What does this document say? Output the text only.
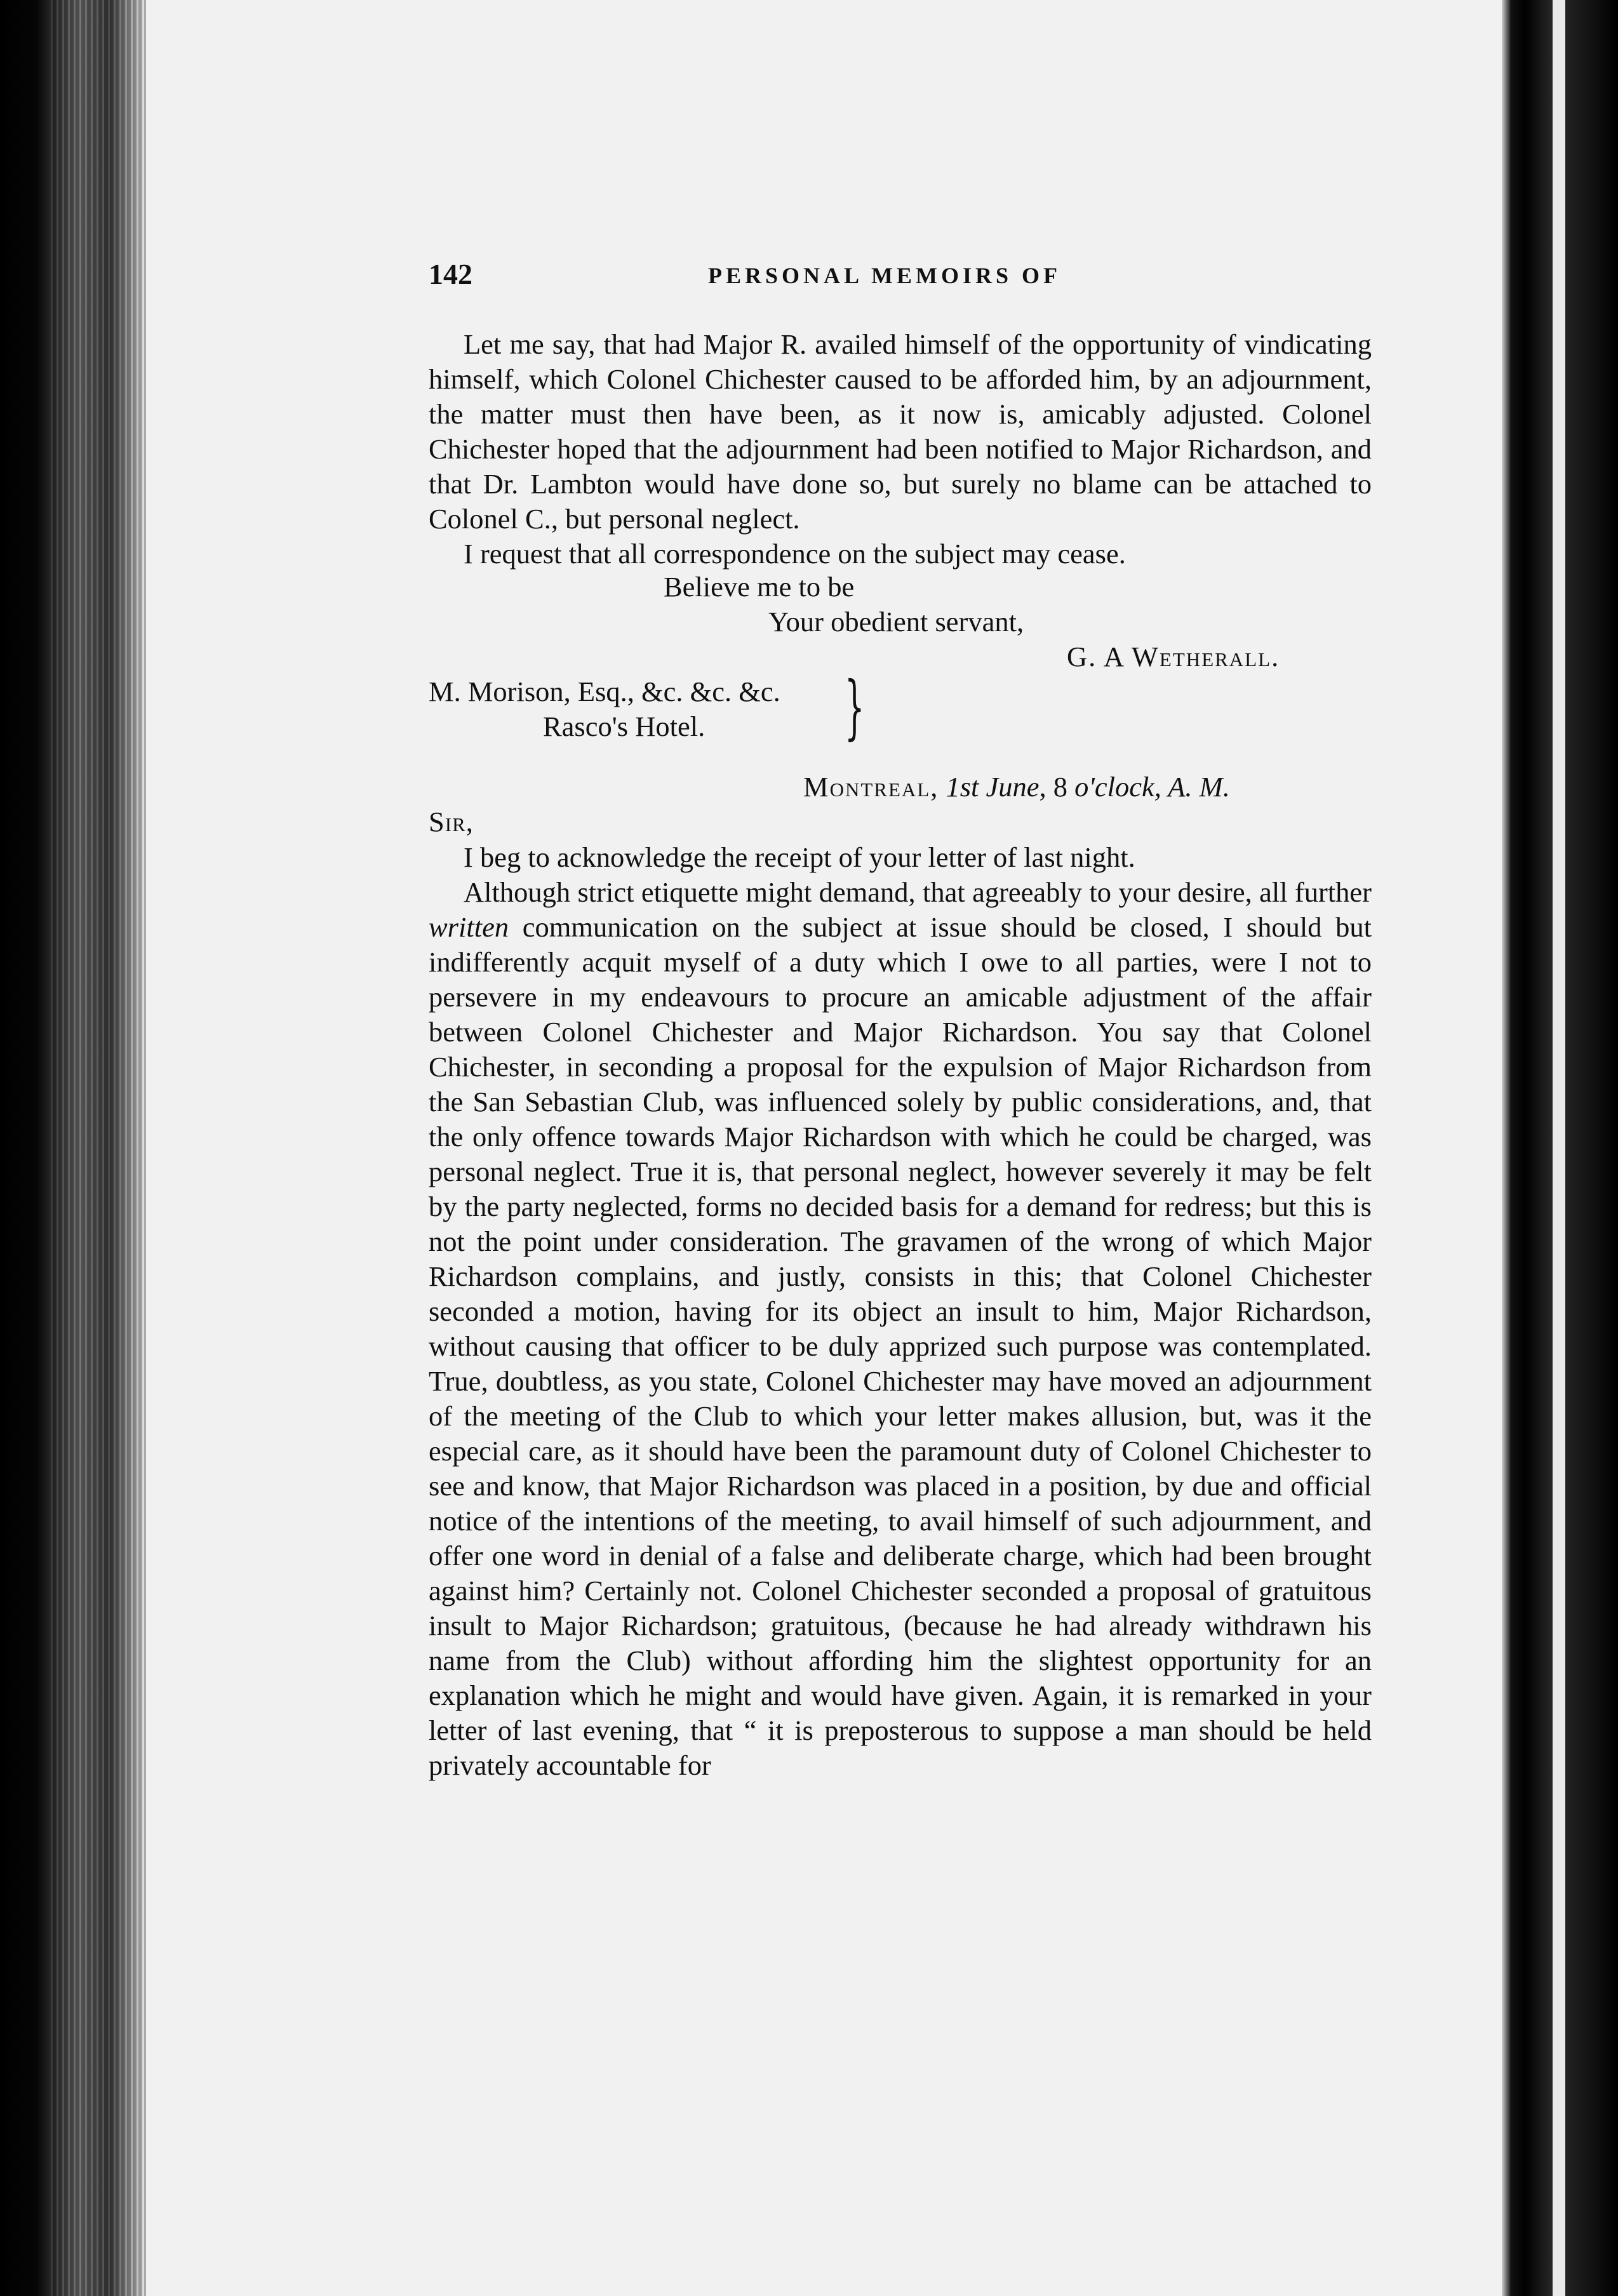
142	PERSONAL MEMOIRS OF

Let me say, that had Major R. availed himself of the opportunity of vindicating himself, which Colonel Chichester caused to be afforded him, by an adjournment, the matter must then have been, as it now is, amicably adjusted. Colonel Chichester hoped that the adjournment had been notified to Major Richardson, and that Dr. Lambton would have done so, but surely no blame can be attached to Colonel C., but personal neglect.

I request that all correspondence on the subject may cease.

Believe me to be
Your obedient servant,
G. A Wetherall.
M. Morison, Esq., &c. &c. &c.
Rasco's Hotel. }
Montreal, 1st June, 8 o'clock, A. M.
Sir,

I beg to acknowledge the receipt of your letter of last night.

Although strict etiquette might demand, that agreeably to your desire, all further written communication on the subject at issue should be closed, I should but indifferently acquit myself of a duty which I owe to all parties, were I not to persevere in my endeavours to procure an amicable adjustment of the affair between Colonel Chichester and Major Richardson. You say that Colonel Chichester, in seconding a proposal for the expulsion of Major Richardson from the San Sebastian Club, was influenced solely by public considerations, and, that the only offence towards Major Richardson with which he could be charged, was personal neglect. True it is, that personal neglect, however severely it may be felt by the party neglected, forms no decided basis for a demand for redress; but this is not the point under consideration. The gravamen of the wrong of which Major Richardson complains, and justly, consists in this; that Colonel Chichester seconded a motion, having for its object an insult to him, Major Richardson, without causing that officer to be duly apprized such purpose was contemplated. True, doubtless, as you state, Colonel Chichester may have moved an adjournment of the meeting of the Club to which your letter makes allusion, but, was it the especial care, as it should have been the paramount duty of Colonel Chichester to see and know, that Major Richardson was placed in a position, by due and official notice of the intentions of the meeting, to avail himself of such adjournment, and offer one word in denial of a false and deliberate charge, which had been brought against him? Certainly not. Colonel Chichester seconded a proposal of gratuitous insult to Major Richardson; gratuitous, (because he had already withdrawn his name from the Club) without affording him the slightest opportunity for an explanation which he might and would have given. Again, it is remarked in your letter of last evening, that “ it is preposterous to suppose a man should be held privately accountable for
